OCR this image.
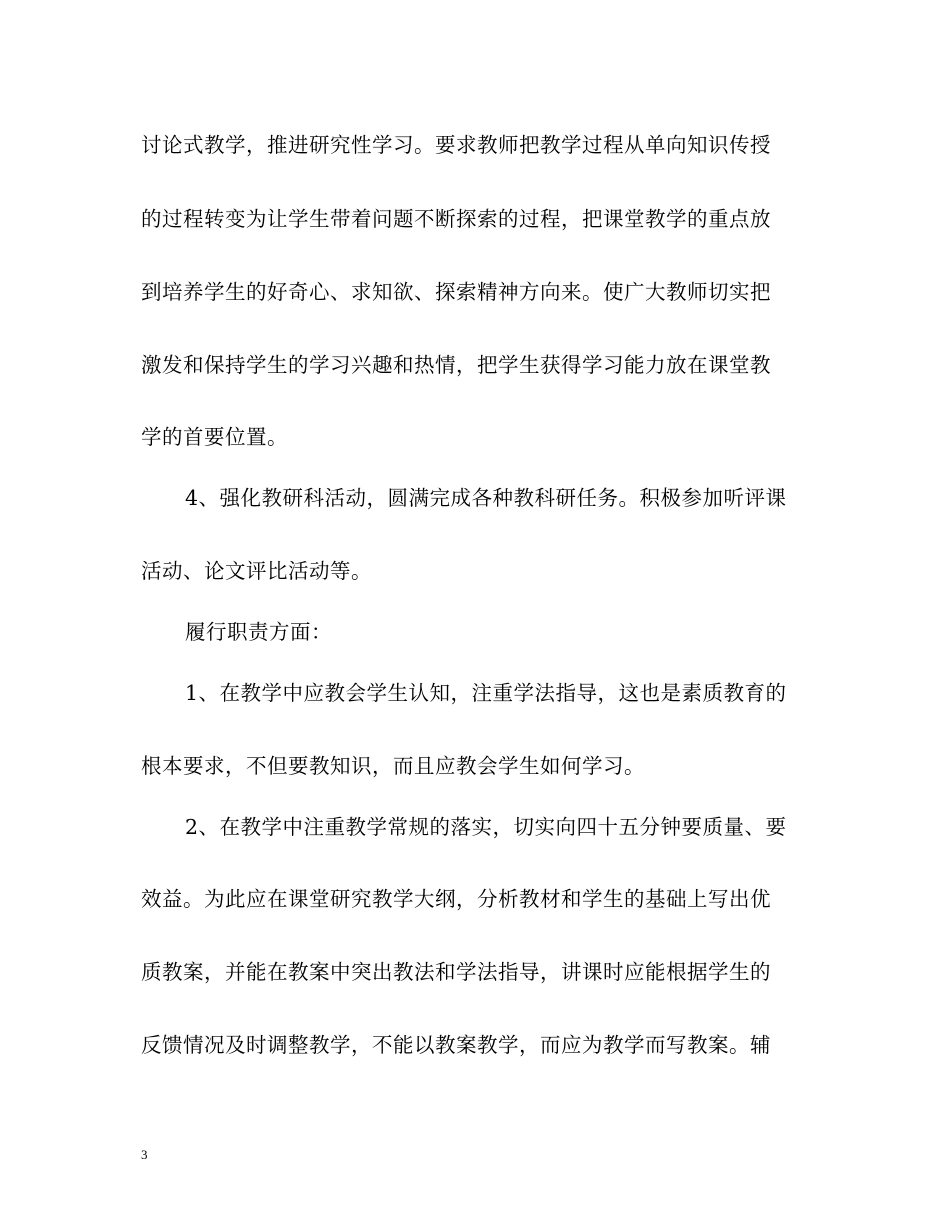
讨论式教学，推进研究性学习。要求教师把教学过程从单向知识传授
的过程转变为让学生带着问题不断探索的过程，把课堂教学的重点放
到培养学生的好奇心、求知欲、探索精神方向来。使广大教师切实把
激发和保持学生的学习兴趣和热情，把学生获得学习能力放在课堂教
学的首要位置。
4、强化教研科活动，圆满完成各种教科研任务。积极参加听评课
活动、论文评比活动等。
履行职责方面：
1、在教学中应教会学生认知，注重学法指导，这也是素质教育的
根本要求，不但要教知识，而且应教会学生如何学习。
2、在教学中注重教学常规的落实，切实向四十五分钟要质量、要
效益。为此应在课堂研究教学大纲，分析教材和学生的基础上写出优
质教案，并能在教案中突出教法和学法指导，讲课时应能根据学生的
反馈情况及时调整教学，不能以教案教学，而应为教学而写教案。辅
3
